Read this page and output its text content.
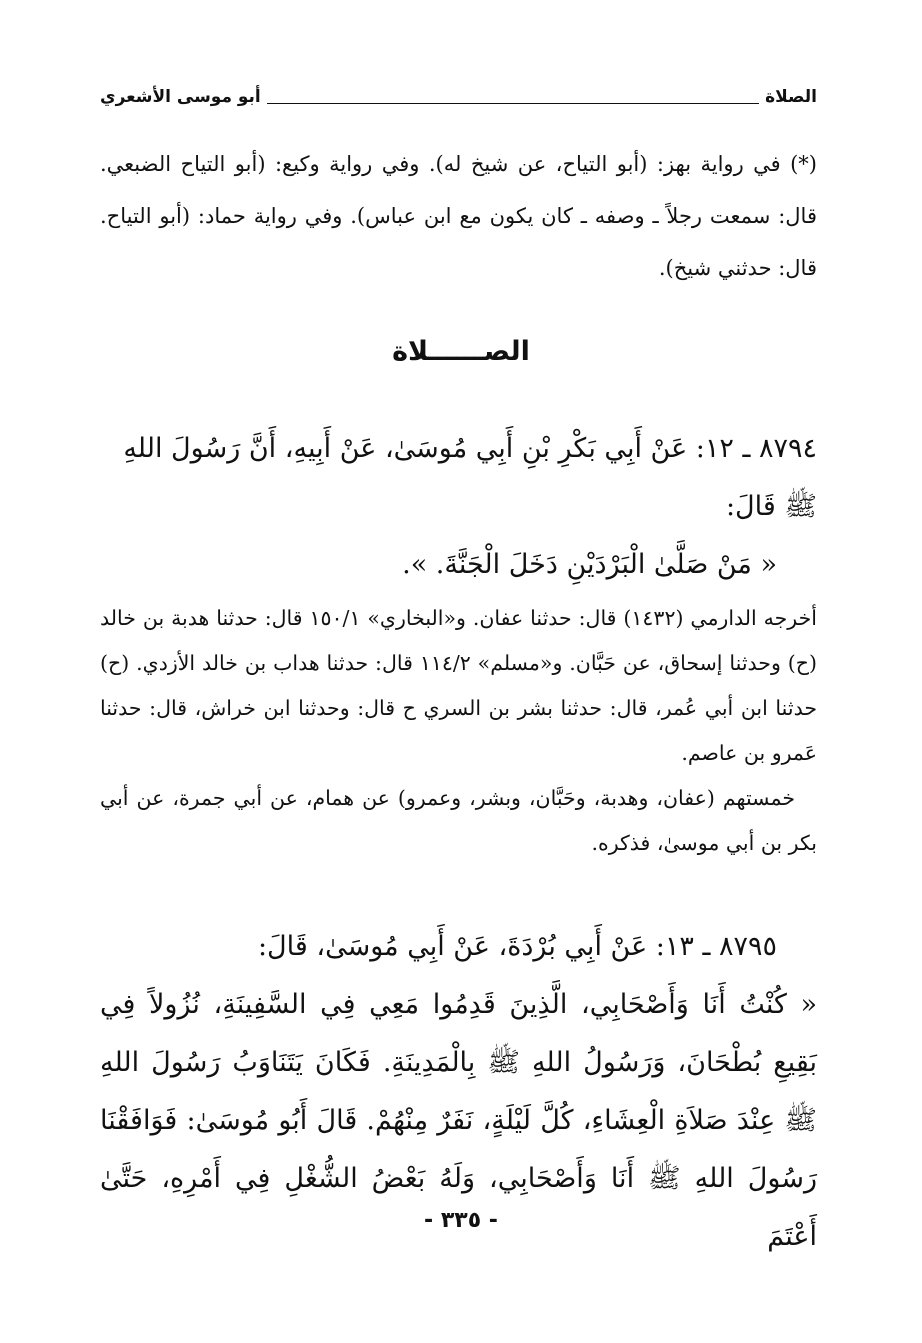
الصلاة
أبو موسى الأشعري

(*) في رواية بهز: (أبو التياح، عن شيخ له). وفي رواية وكيع: (أبو التياح الضبعي. قال: سمعت رجلاً ـ وصفه ـ كان يكون مع ابن عباس). وفي رواية حماد: (أبو التياح. قال: حدثني شيخ).

الصــــــلاة

٨٧٩٤ ـ ١٢: عَنْ أَبِي بَكْرِ بْنِ أَبِي مُوسَىٰ، عَنْ أَبِيهِ، أَنَّ رَسُولَ اللهِ ﷺ قَالَ:

« مَنْ صَلَّىٰ الْبَرْدَيْنِ دَخَلَ الْجَنَّةَ. ».

أخرجه الدارمي (١٤٣٢) قال: حدثنا عفان. و«البخاري» ١٥٠/١ قال: حدثنا هدبة بن خالد (ح) وحدثنا إسحاق، عن حَبَّان. و«مسلم» ١١٤/٢ قال: حدثنا هداب بن خالد الأزدي. (ح) حدثنا ابن أبي عُمر، قال: حدثنا بشر بن السري ح قال: وحدثنا ابن خراش، قال: حدثنا عَمرو بن عاصم.

خمستهم (عفان، وهدبة، وحَبَّان، وبشر، وعمرو) عن همام، عن أبي جمرة، عن أبي بكر بن أبي موسىٰ، فذكره.

٨٧٩٥ ـ ١٣: عَنْ أَبِي بُرْدَةَ، عَنْ أَبِي مُوسَىٰ، قَالَ:

« كُنْتُ أَنَا وَأَصْحَابِي، الَّذِينَ قَدِمُوا مَعِي فِي السَّفِينَةِ، نُزُولاً فِي بَقِيعِ بُطْحَانَ، وَرَسُولُ اللهِ ﷺ بِالْمَدِينَةِ. فَكَانَ يَتَنَاوَبُ رَسُولَ اللهِ ﷺ عِنْدَ صَلاَةِ الْعِشَاءِ، كُلَّ لَيْلَةٍ، نَفَرٌ مِنْهُمْ. قَالَ أَبُو مُوسَىٰ: فَوَافَقْنَا رَسُولَ اللهِ ﷺ أَنَا وَأَصْحَابِي، وَلَهُ بَعْضُ الشُّغْلِ فِي أَمْرِهِ، حَتَّىٰ أَعْتَمَ

- ٣٣٥ -
